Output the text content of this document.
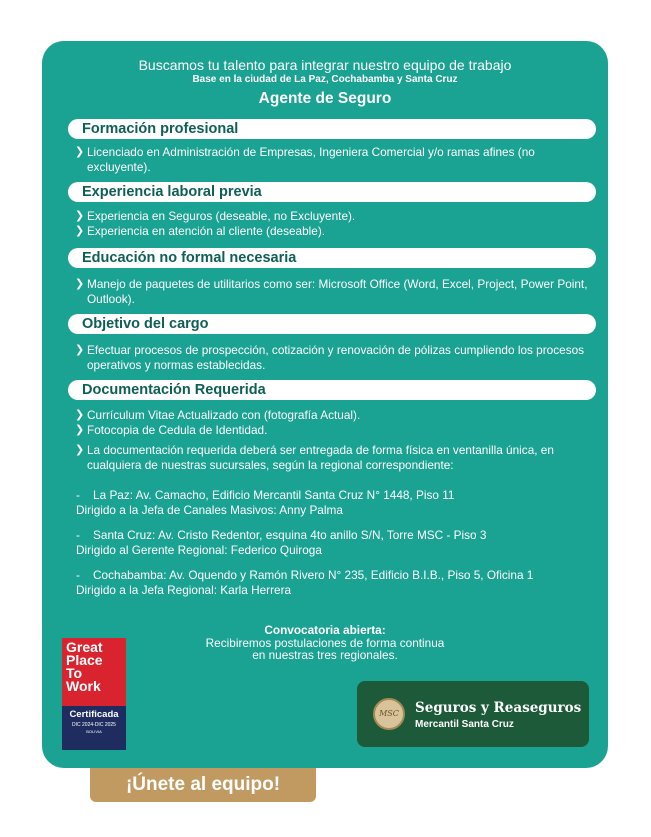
Buscamos tu talento para integrar nuestro equipo de trabajo
Base en la ciudad de La Paz, Cochabamba y Santa Cruz
Agente de Seguro
Formación profesional
❯ Licenciado en Administración de Empresas, Ingeniera Comercial y/o ramas afines (no excluyente).
Experiencia laboral previa
❯ Experiencia en Seguros (deseable, no Excluyente).
❯ Experiencia en atención al cliente (deseable).
Educación no formal necesaria
❯ Manejo de paquetes de utilitarios como ser: Microsoft Office (Word, Excel, Project, Power Point, Outlook).
Objetivo del cargo
❯ Efectuar procesos de prospección, cotización y renovación de pólizas cumpliendo los procesos operativos y normas establecidas.
Documentación Requerida
❯ Currículum Vitae Actualizado con (fotografía Actual).
❯ Fotocopia de Cedula de Identidad.
❯ La documentación requerida deberá ser entregada de forma física en ventanilla única, en cualquiera de nuestras sucursales, según la regional correspondiente:
-    La Paz: Av. Camacho, Edificio Mercantil Santa Cruz N° 1448, Piso 11
Dirigido a la Jefa de Canales Masivos: Anny Palma
-    Santa Cruz: Av. Cristo Redentor, esquina 4to anillo S/N, Torre MSC - Piso 3
Dirigido al Gerente Regional: Federico Quiroga
-    Cochabamba: Av. Oquendo y Ramón Rivero N° 235, Edificio B.I.B., Piso 5, Oficina 1
Dirigido a la Jefa Regional: Karla Herrera
Convocatoria abierta:
Recibiremos postulaciones de forma continua
en nuestras tres regionales.
Great
Place
To
Work
Certificada
DIC 2024-DIC 2025
BOLIVIA
MSC	Seguros y Reaseguros
Mercantil Santa Cruz
¡Únete al equipo!
